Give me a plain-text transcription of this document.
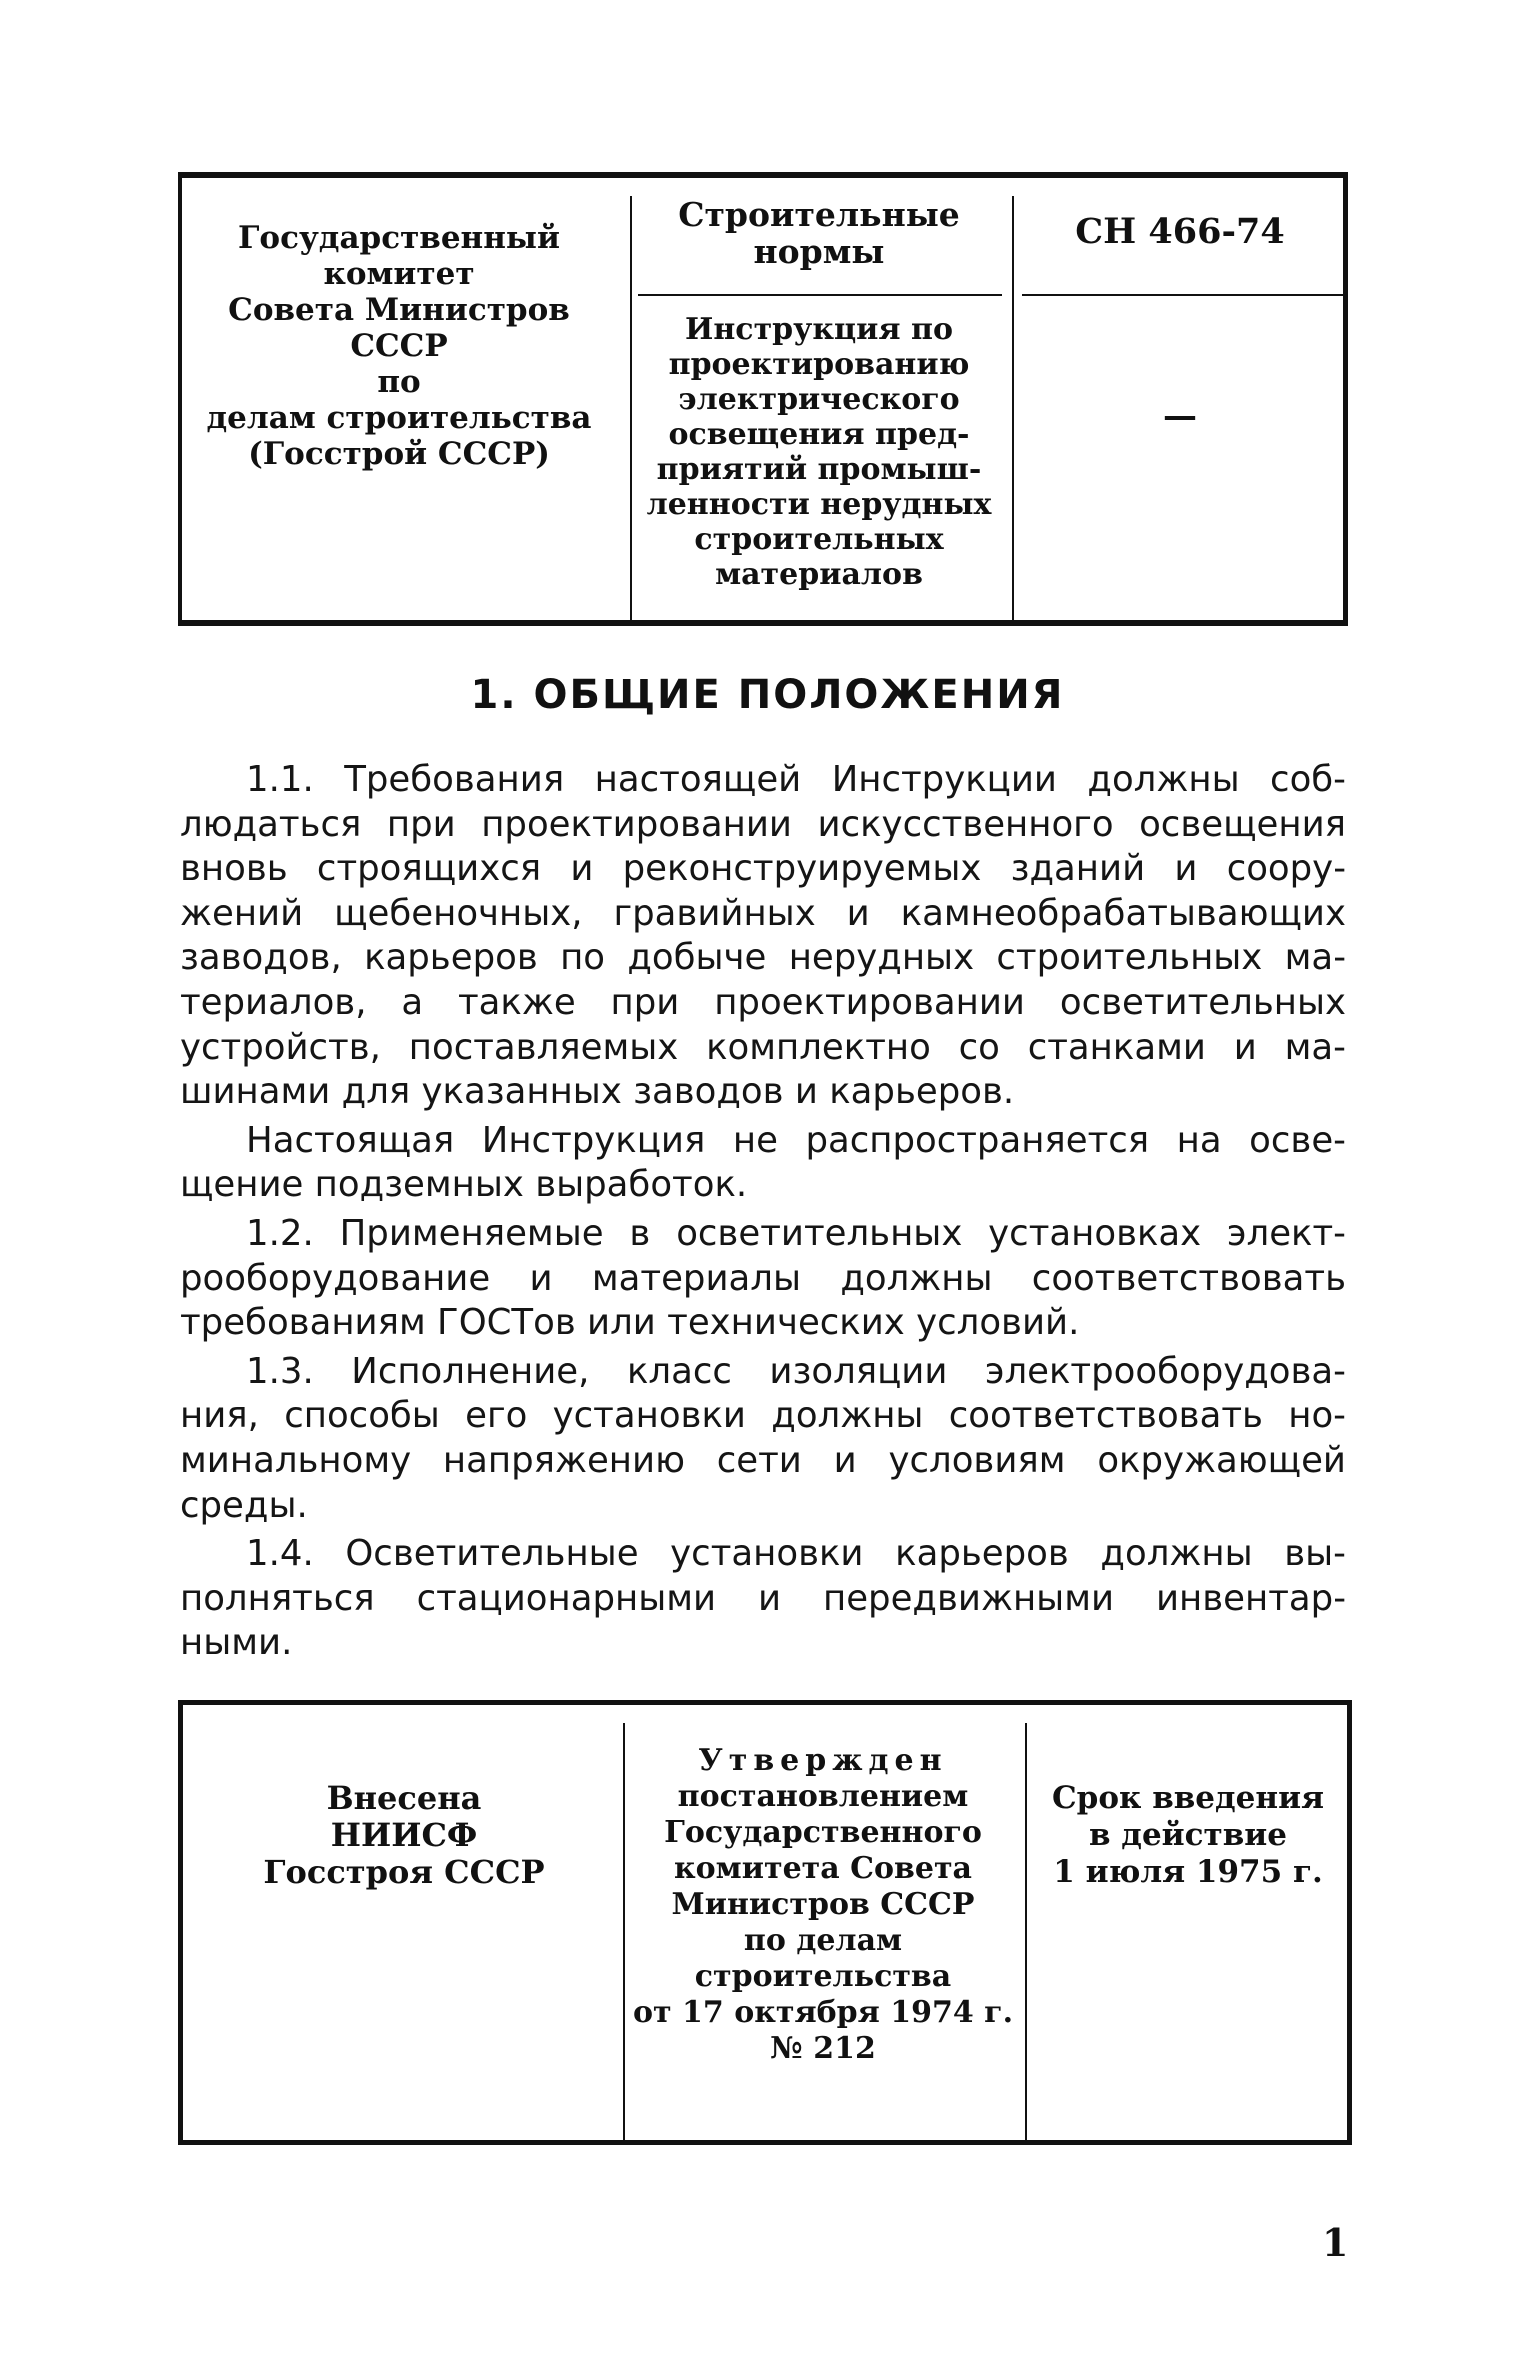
Государственный
комитет
Совета Министров
СССР
по
делам строительства
(Госстрой СССР)
Строительные
нормы
Инструкция по
проектированию
электрического
освещения пред-
приятий промыш-
ленности нерудных
строительных
материалов
СН 466-74
—
1. ОБЩИЕ ПОЛОЖЕНИЯ

1.1. Требования настоящей Инструкции должны соб-
людаться при проектировании искусственного освещения
вновь строящихся и реконструируемых зданий и соору-
жений щебеночных, гравийных и камнеобрабатывающих
заводов, карьеров по добыче нерудных строительных ма-
териалов, а также при проектировании осветительных
устройств, поставляемых комплектно со станками и ма-
шинами для указанных заводов и карьеров.

Настоящая Инструкция не распространяется на осве-
щение подземных выработок.

1.2. Применяемые в осветительных установках элект-
рооборудование и материалы должны соответствовать
требованиям ГОСТов или технических условий.

1.3. Исполнение, класс изоляции электрооборудова-
ния, способы его установки должны соответствовать но-
минальному напряжению сети и условиям окружающей
среды.

1.4. Осветительные установки карьеров должны вы-
полняться стационарными и передвижными инвентар-
ными.

Внесена
НИИСФ
Госстроя СССР
Утвержден
постановлением
Государственного
комитета Совета
Министров СССР
по делам
строительства
от 17 октября 1974 г.
№ 212
Срок введения
в действие
1 июля 1975 г.
1
